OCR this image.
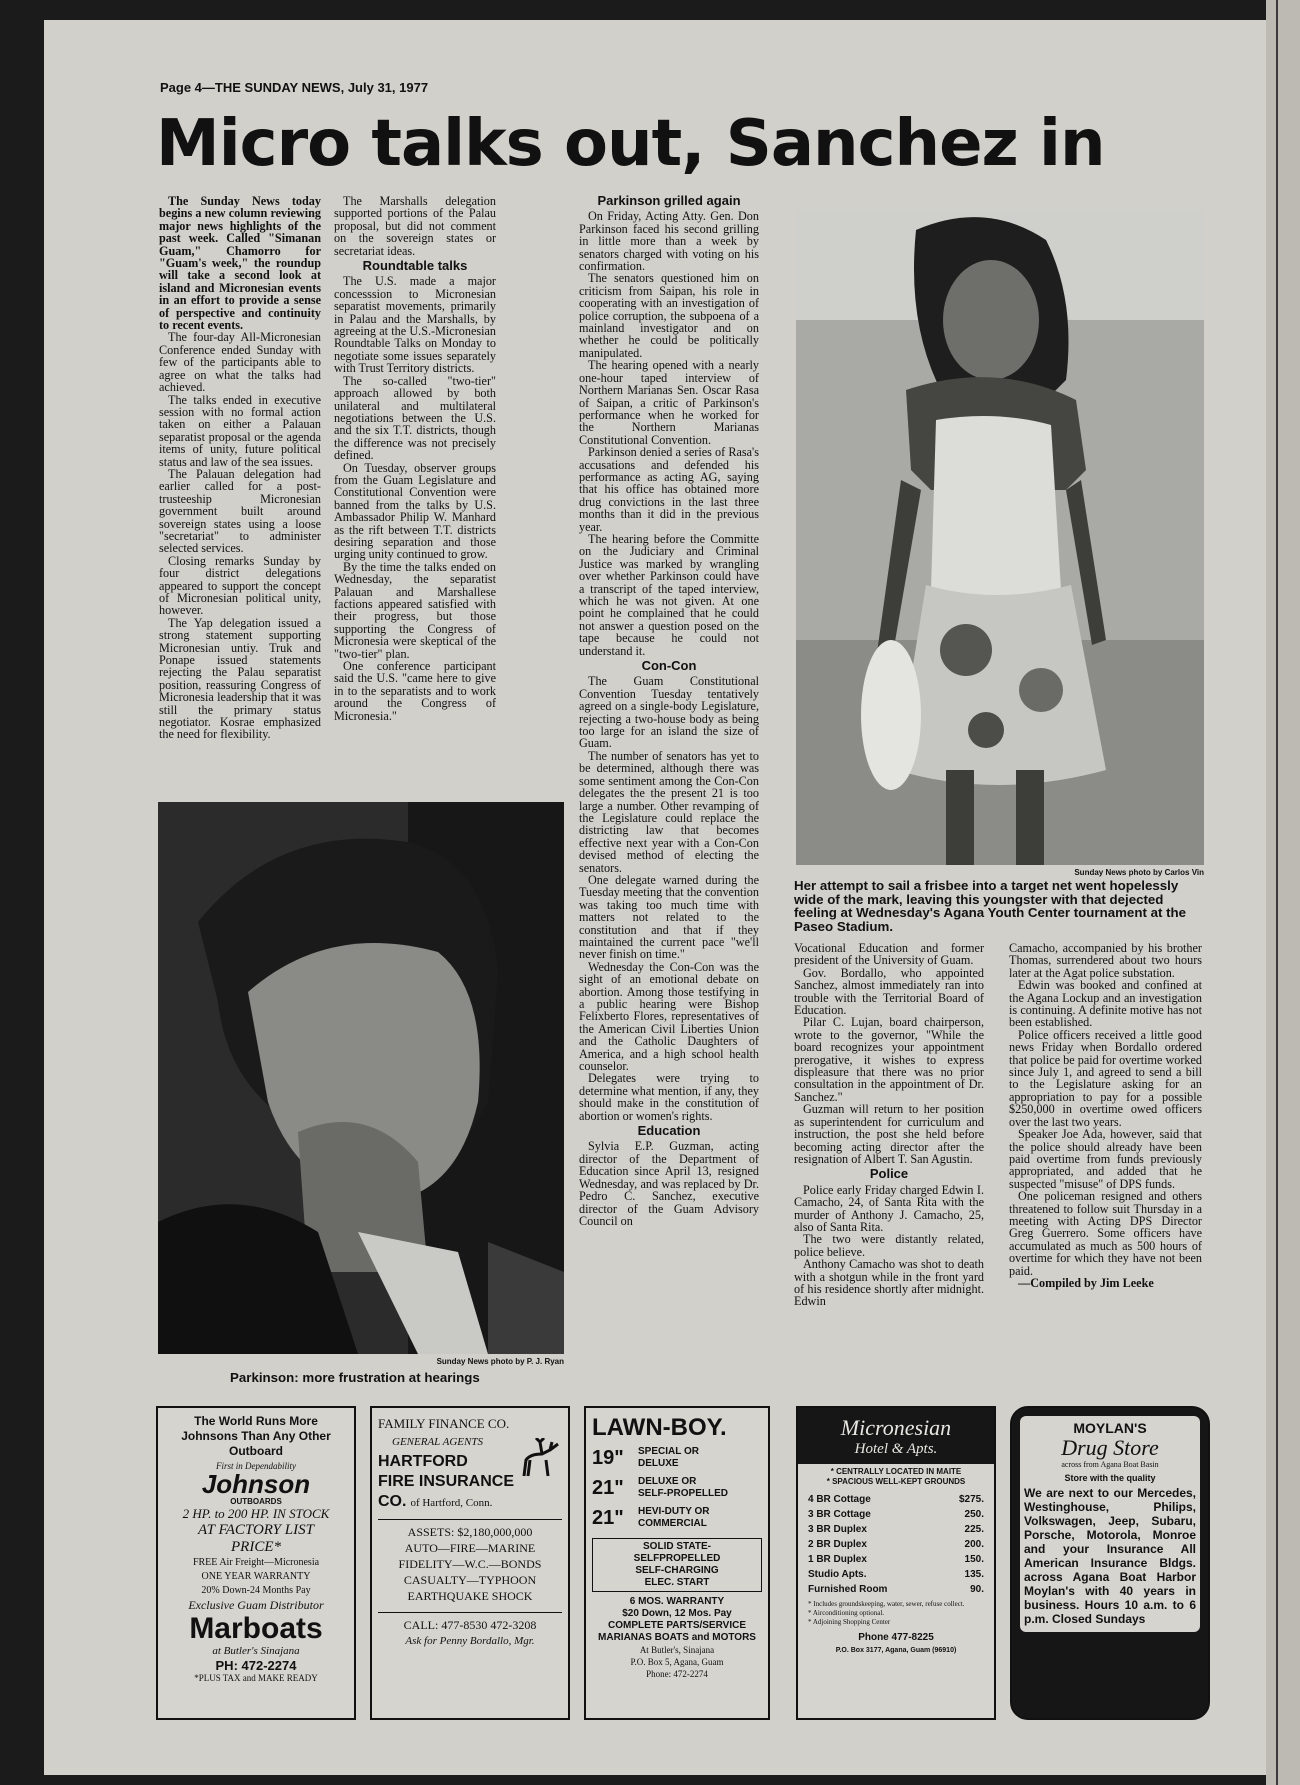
Page 4—THE SUNDAY NEWS, July 31, 1977
Micro talks out, Sanchez in

The Sunday News today begins a new column reviewing major news highlights of the past week. Called "Simanan Guam," Chamorro for "Guam's week," the roundup will take a second look at island and Micronesian events in an effort to provide a sense of perspective and continuity to recent events.

The four-day All-Micronesian Conference ended Sunday with few of the participants able to agree on what the talks had achieved.

The talks ended in executive session with no formal action taken on either a Palauan separatist proposal or the agenda items of unity, future political status and law of the sea issues.

The Palauan delegation had earlier called for a post-trusteeship Micronesian government built around sovereign states using a loose "secretariat" to administer selected services.

Closing remarks Sunday by four district delegations appeared to support the concept of Micronesian political unity, however.

The Yap delegation issued a strong statement supporting Micronesian untiy. Truk and Ponape issued statements rejecting the Palau separatist position, reassuring Congress of Micronesia leadership that it was still the primary status negotiator. Kosrae emphasized the need for flexibility.

The Marshalls delegation supported portions of the Palau proposal, but did not comment on the sovereign states or secretariat ideas.

Roundtable talks

The U.S. made a major concesssion to Micronesian separatist movements, primarily in Palau and the Marshalls, by agreeing at the U.S.-Micronesian Roundtable Talks on Monday to negotiate some issues separately with Trust Territory districts.

The so-called "two-tier" approach allowed by both unilateral and multilateral negotiations between the U.S. and the six T.T. districts, though the difference was not precisely defined.

On Tuesday, observer groups from the Guam Legislature and Constitutional Convention were banned from the talks by U.S. Ambassador Philip W. Manhard as the rift between T.T. districts desiring separation and those urging unity continued to grow.

By the time the talks ended on Wednesday, the separatist Palauan and Marshallese factions appeared satisfied with their progress, but those supporting the Congress of Micronesia were skeptical of the "two-tier" plan.

One conference participant said the U.S. "came here to give in to the separatists and to work around the Congress of Micronesia."

Sunday News photo by P. J. Ryan
Parkinson: more frustration at hearings
Parkinson grilled again

On Friday, Acting Atty. Gen. Don Parkinson faced his second grilling in little more than a week by senators charged with voting on his confirmation.

The senators questioned him on criticism from Saipan, his role in cooperating with an investigation of police corruption, the subpoena of a mainland investigator and on whether he could be politically manipulated.

The hearing opened with a nearly one-hour taped interview of Northern Marianas Sen. Oscar Rasa of Saipan, a critic of Parkinson's performance when he worked for the Northern Marianas Constitutional Convention.

Parkinson denied a series of Rasa's accusations and defended his performance as acting AG, saying that his office has obtained more drug convictions in the last three months than it did in the previous year.

The hearing before the Committe on the Judiciary and Criminal Justice was marked by wrangling over whether Parkinson could have a transcript of the taped interview, which he was not given. At one point he complained that he could not answer a question posed on the tape because he could not understand it.

Con-Con

The Guam Constitutional Convention Tuesday tentatively agreed on a single-body Legislature, rejecting a two-house body as being too large for an island the size of Guam.

The number of senators has yet to be determined, although there was some sentiment among the Con-Con delegates the the present 21 is too large a number. Other revamping of the Legislature could replace the districting law that becomes effective next year with a Con-Con devised method of electing the senators.

One delegate warned during the Tuesday meeting that the convention was taking too much time with matters not related to the constitution and that if they maintained the current pace "we'll never finish on time."

Wednesday the Con-Con was the sight of an emotional debate on abortion. Among those testifying in a public hearing were Bishop Felixberto Flores, representatives of the American Civil Liberties Union and the Catholic Daughters of America, and a high school health counselor.

Delegates were trying to determine what mention, if any, they should make in the constitution of abortion or women's rights.

Education

Sylvia E.P. Guzman, acting director of the Department of Education since April 13, resigned Wednesday, and was replaced by Dr. Pedro C. Sanchez, executive director of the Guam Advisory Council on

Sunday News photo by Carlos Vin
Her attempt to sail a frisbee into a target net went hopelessly wide of the mark, leaving this youngster with that dejected feeling at Wednesday's Agana Youth Center tournament at the Paseo Stadium.

Vocational Education and former president of the University of Guam.

Gov. Bordallo, who appointed Sanchez, almost immediately ran into trouble with the Territorial Board of Education.

Pilar C. Lujan, board chairperson, wrote to the governor, "While the board recognizes your appointment prerogative, it wishes to express displeasure that there was no prior consultation in the appointment of Dr. Sanchez."

Guzman will return to her position as superintendent for curriculum and instruction, the post she held before becoming acting director after the resignation of Albert T. San Agustin.

Police

Police early Friday charged Edwin I. Camacho, 24, of Santa Rita with the murder of Anthony J. Camacho, 25, also of Santa Rita.

The two were distantly related, police believe.

Anthony Camacho was shot to death with a shotgun while in the front yard of his residence shortly after midnight. Edwin

Camacho, accompanied by his brother Thomas, surrendered about two hours later at the Agat police substation.

Edwin was booked and confined at the Agana Lockup and an investigation is continuing. A definite motive has not been established.

Police officers received a little good news Friday when Bordallo ordered that police be paid for overtime worked since July 1, and agreed to send a bill to the Legislature asking for an appropriation to pay for a possible $250,000 in overtime owed officers over the last two years.

Speaker Joe Ada, however, said that the police should already have been paid overtime from funds previously appropriated, and added that he suspected "misuse" of DPS funds.

One policeman resigned and others threatened to follow suit Thursday in a meeting with Acting DPS Director Greg Guerrero. Some officers have accumulated as much as 500 hours of overtime for which they have not been paid.

—Compiled by Jim Leeke

The World Runs More
Johnsons Than Any Other
Outboard
First in Dependability
Johnson
OUTBOARDS
2 HP. to 200 HP. IN STOCK
AT FACTORY LIST
PRICE*
FREE Air Freight—Micronesia
ONE YEAR WARRANTY
20% Down-24 Months Pay
Exclusive Guam Distributor
Marboats
at Butler's Sinajana
PH: 472-2274
*PLUS TAX and MAKE READY
FAMILY FINANCE CO.
GENERAL AGENTS
HARTFORD
FIRE INSURANCE
CO. of Hartford, Conn.
ASSETS: $2,180,000,000
AUTO—FIRE—MARINE
FIDELITY—W.C.—BONDS
CASUALTY—TYPHOON
EARTHQUAKE SHOCK
CALL: 477-8530 472-3208
Ask for Penny Bordallo, Mgr.
LAWN-BOY.
19"	SPECIAL OR
DELUXE
21"	DELUXE OR
SELF-PROPELLED
21"	HEVI-DUTY OR
COMMERCIAL
SOLID STATE-
SELFPROPELLED
SELF-CHARGING
ELEC. START
6 MOS. WARRANTY
$20 Down, 12 Mos. Pay
COMPLETE PARTS/SERVICE
MARIANAS BOATS and MOTORS
At Butler's, Sinajana
P.O. Box 5, Agana, Guam
Phone: 472-2274
Micronesian
Hotel & Apts.
* CENTRALLY LOCATED IN MAITE
* SPACIOUS WELL-KEPT GROUNDS
4 BR Cottage	$275.
3 BR Cottage	250.
3 BR Duplex	225.
2 BR Duplex	200.
1 BR Duplex	150.
Studio Apts.	135.
Furnished Room	90.
* Includes groundskeeping, water, sewer, refuse collect.
* Airconditioning optional.
* Adjoining Shopping Center
Phone 477-8225
P.O. Box 3177, Agana, Guam (96910)
MOYLAN'S
Drug Store
across from Agana Boat Basin
Store with the quality
We are next to our Mercedes, Westinghouse, Philips, Volkswagen, Jeep, Subaru, Porsche, Motorola, Monroe and your Insurance All American Insurance Bldgs. across Agana Boat Harbor Moylan's with 40 years in business. Hours 10 a.m. to 6 p.m. Closed Sundays
